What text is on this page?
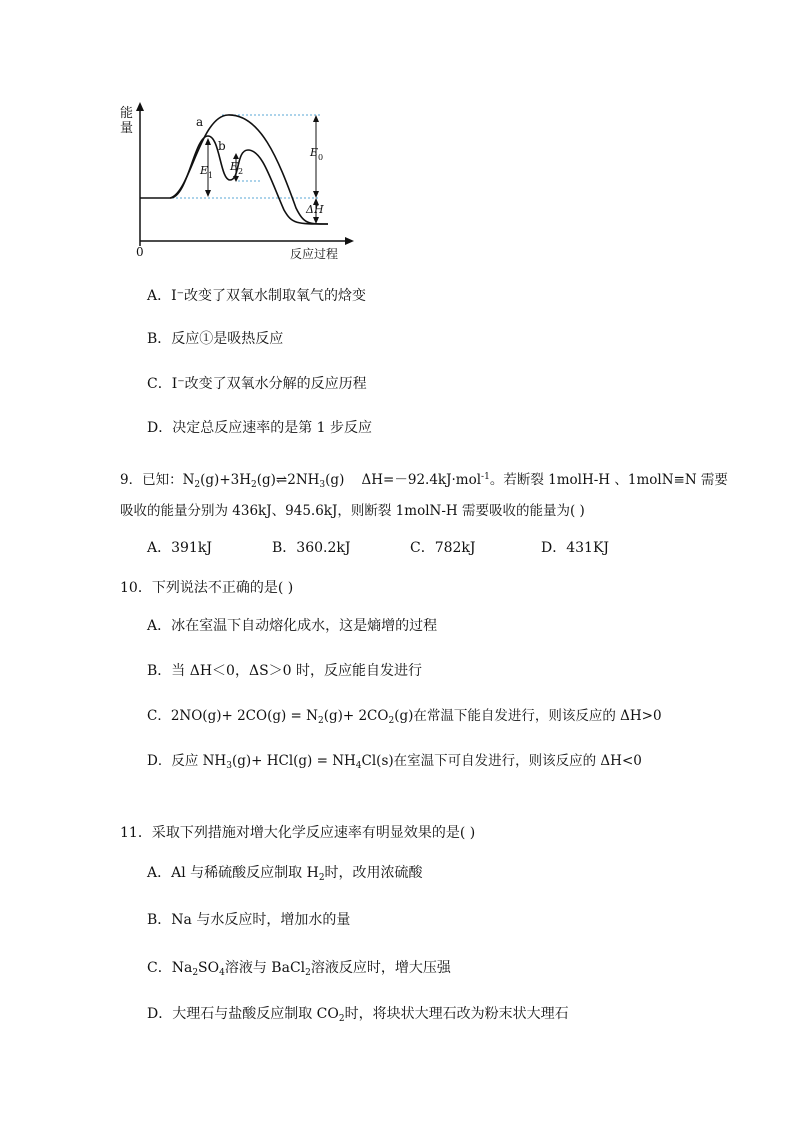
能
量
0	反应过程
a
b
E 1
E 2
E 0
ΔH
A．I⁻改变了双氧水制取氧气的焓变
B．反应①是吸热反应
C．I⁻改变了双氧水分解的反应历程
D．决定总反应速率的是第 1 步反应
9．已知：$N_2(g)+3H_2(g)\rightleftharpoons 2NH_3(g)$ ΔH=－92.4kJ·mol$^{-1}$。若断裂 1molH-H 、1molN≡N 需要
吸收的能量分别为 436kJ、945.6kJ，则断裂 1molN-H 需要吸收的能量为( )
A．391kJ	B．360.2kJ	C．782kJ	D．431KJ
10．下列说法不正确的是( )
A．冰在室温下自动熔化成水，这是熵增的过程
B．当 ΔH＜0，ΔS＞0 时，反应能自发进行
C．$2NO(g)+ 2CO(g) = N_2(g)+ 2CO_2(g)$在常温下能自发进行，则该反应的 ΔH>0
D．反应 $NH_3(g)+ HCl(g) = NH_4Cl(s)$在室温下可自发进行，则该反应的 ΔH<0
11．采取下列措施对增大化学反应速率有明显效果的是( )
A．Al 与稀硫酸反应制取 $H_2$时，改用浓硫酸
B．Na 与水反应时，增加水的量
C．$Na_2SO_4$溶液与 BaCl$_2$溶液反应时，增大压强
D．大理石与盐酸反应制取 $CO_2$时，将块状大理石改为粉末状大理石
